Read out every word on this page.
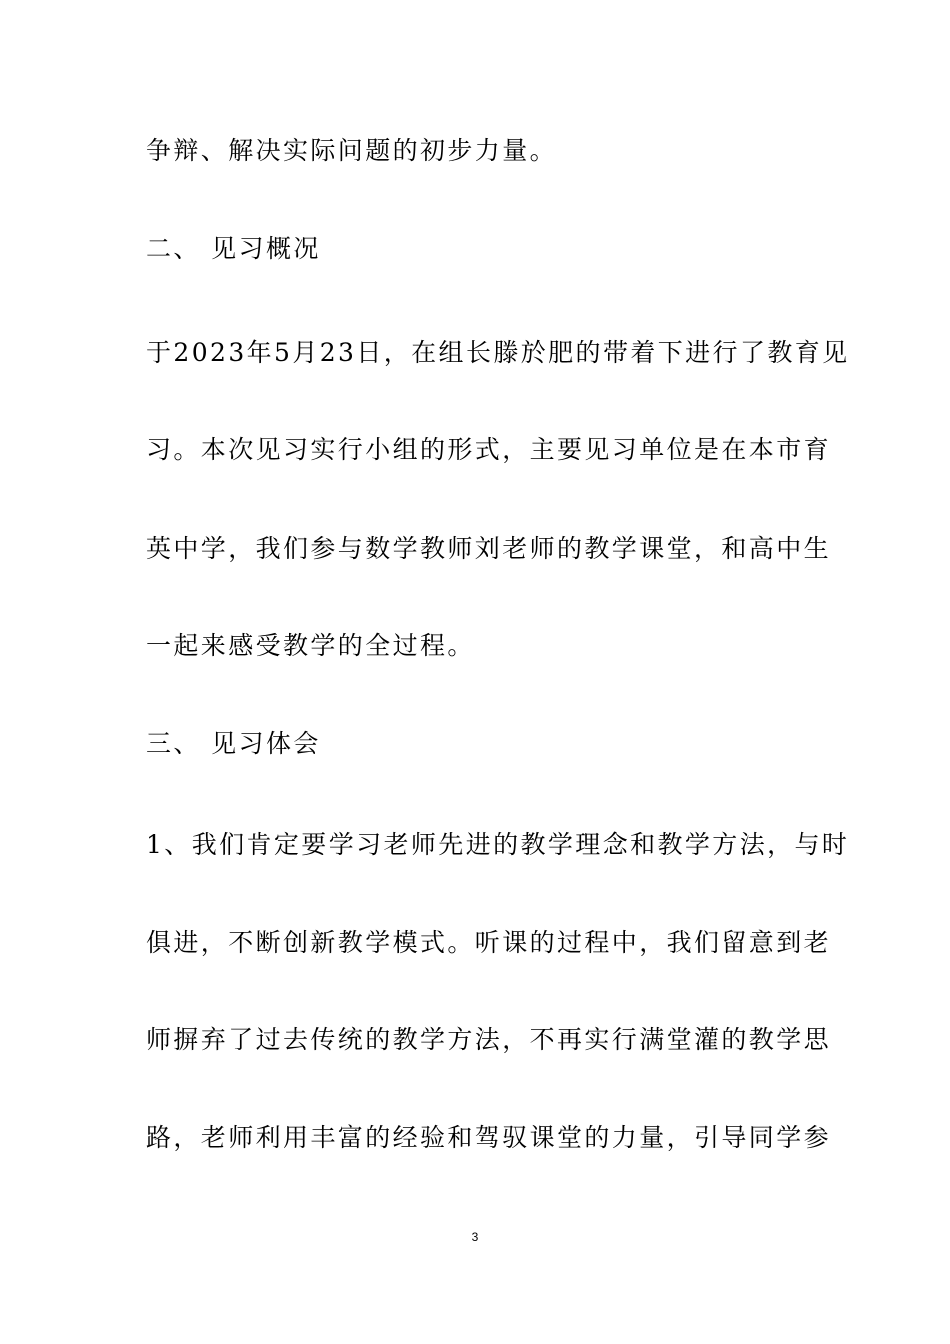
争辩、解决实际问题的初步力量。
二、 见习概况
于2023年5月23日，在组长滕於肥的带着下进行了教育见
习。本次见习实行小组的形式，主要见习单位是在本市育
英中学，我们参与数学教师刘老师的教学课堂，和高中生
一起来感受教学的全过程。
三、 见习体会
1、我们肯定要学习老师先进的教学理念和教学方法，与时
俱进，不断创新教学模式。听课的过程中，我们留意到老
师摒弃了过去传统的教学方法，不再实行满堂灌的教学思
路，老师利用丰富的经验和驾驭课堂的力量，引导同学参
3
